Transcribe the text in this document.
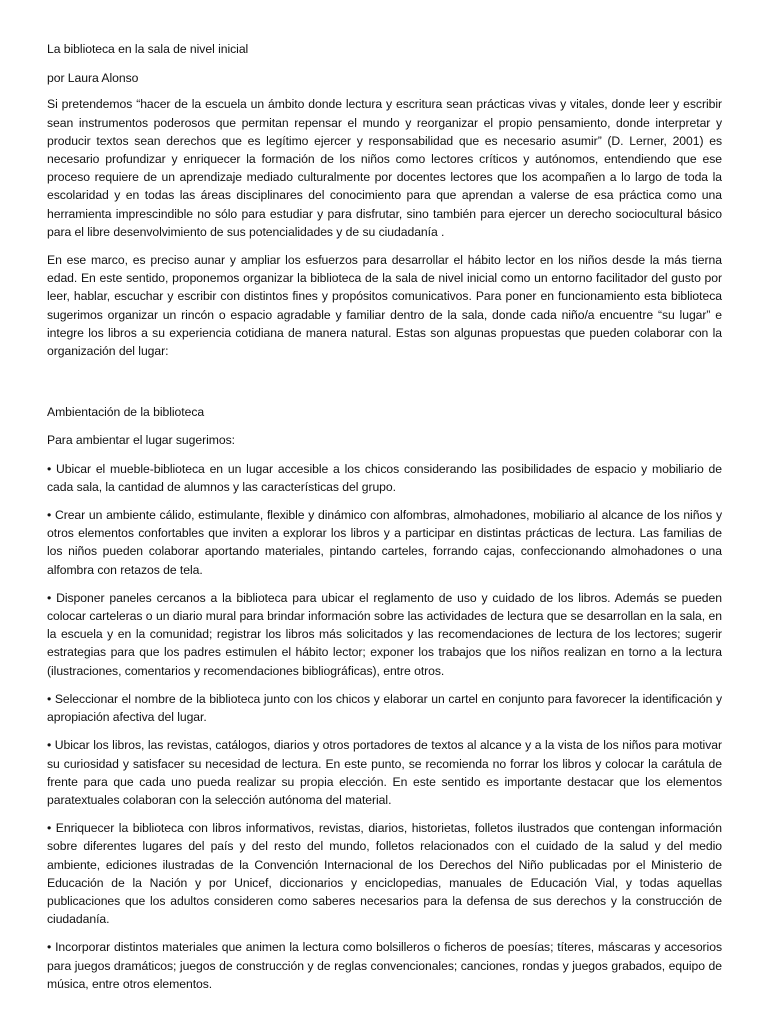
La biblioteca en la sala de nivel inicial

por Laura Alonso

Si pretendemos “hacer de la escuela un ámbito donde lectura y escritura sean prácticas vivas y vitales, donde leer y escribir sean instrumentos poderosos que permitan repensar el mundo y reorganizar el propio pensamiento, donde interpretar y producir textos sean derechos que es legítimo ejercer y responsabilidad que es necesario asumir” (D. Lerner, 2001) es necesario profundizar y enriquecer la formación de los niños como lectores críticos y autónomos, entendiendo que ese proceso requiere de un aprendizaje mediado culturalmente por docentes lectores que los acompañen a lo largo de toda la escolaridad y en todas las áreas disciplinares del conocimiento para que aprendan a valerse de esa práctica como una herramienta imprescindible no sólo para estudiar y para disfrutar, sino también para ejercer un derecho sociocultural básico para el libre desenvolvimiento de sus potencialidades y de su ciudadanía .

En ese marco, es preciso aunar y ampliar los esfuerzos para desarrollar el hábito lector en los niños desde la más tierna edad. En este sentido, proponemos organizar la biblioteca de la sala de nivel inicial como un entorno facilitador del gusto por leer, hablar, escuchar y escribir con distintos fines y propósitos comunicativos. Para poner en funcionamiento esta biblioteca sugerimos organizar un rincón o espacio agradable y familiar dentro de la sala, donde cada niño/a encuentre “su lugar” e integre los libros a su experiencia cotidiana de manera natural. Estas son algunas propuestas que pueden colaborar con la organización del lugar:

Ambientación de la biblioteca

Para ambientar el lugar sugerimos:

• Ubicar el mueble-biblioteca en un lugar accesible a los chicos considerando las posibilidades de espacio y mobiliario de cada sala, la cantidad de alumnos y las características del grupo.
• Crear un ambiente cálido, estimulante, flexible y dinámico con alfombras, almohadones, mobiliario al alcance de los niños y otros elementos confortables que inviten a explorar los libros y a participar en distintas prácticas de lectura. Las familias de los niños pueden colaborar aportando materiales, pintando carteles, forrando cajas, confeccionando almohadones o una alfombra con retazos de tela.
• Disponer paneles cercanos a la biblioteca para ubicar el reglamento de uso y cuidado de los libros. Además se pueden colocar carteleras o un diario mural para brindar información sobre las actividades de lectura que se desarrollan en la sala, en la escuela y en la comunidad; registrar los libros más solicitados y las recomendaciones de lectura de los lectores; sugerir estrategias para que los padres estimulen el hábito lector; exponer los trabajos que los niños realizan en torno a la lectura (ilustraciones, comentarios y recomendaciones bibliográficas), entre otros.
• Seleccionar el nombre de la biblioteca junto con los chicos y elaborar un cartel en conjunto para favorecer la identificación y apropiación afectiva del lugar.
• Ubicar los libros, las revistas, catálogos, diarios y otros portadores de textos al alcance y a la vista de los niños para motivar su curiosidad y satisfacer su necesidad de lectura. En este punto, se recomienda no forrar los libros y colocar la carátula de frente para que cada uno pueda realizar su propia elección. En este sentido es importante destacar que los elementos paratextuales colaboran con la selección autónoma del material.
• Enriquecer la biblioteca con libros informativos, revistas, diarios, historietas, folletos ilustrados que contengan información sobre diferentes lugares del país y del resto del mundo, folletos relacionados con el cuidado de la salud y del medio ambiente, ediciones ilustradas de la Convención Internacional de los Derechos del Niño publicadas por el Ministerio de Educación de la Nación y por Unicef, diccionarios y enciclopedias, manuales de Educación Vial, y todas aquellas publicaciones que los adultos consideren como saberes necesarios para la defensa de sus derechos y la construcción de ciudadanía.
• Incorporar distintos materiales que animen la lectura como bolsilleros o ficheros de poesías; títeres, máscaras y accesorios para juegos dramáticos; juegos de construcción y de reglas convencionales; canciones, rondas y juegos grabados, equipo de música, entre otros elementos.
